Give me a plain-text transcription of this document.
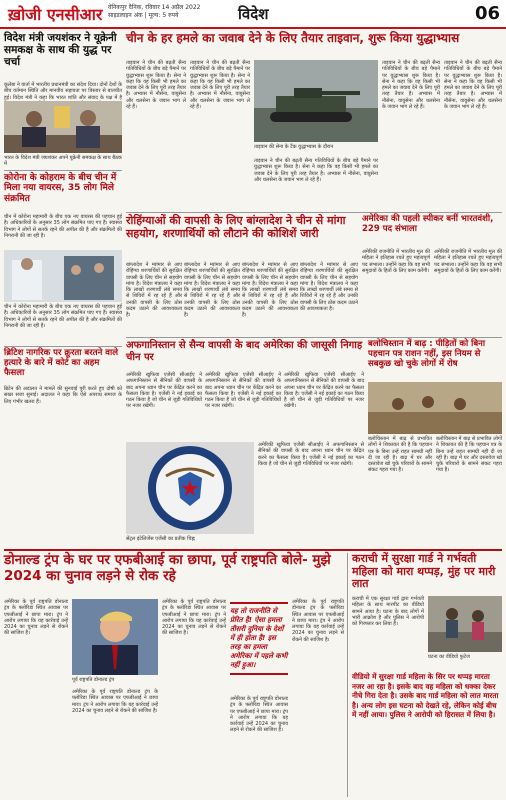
ख़ोजी एनसीआर वेनिकपुर दैनिक, रविवार 14 अप्रैल 2022
साइडलाइन अंक | मूल्य: 5 रुपये	विदेश	06
विदेश मंत्री जयशंकर ने यूक्रेनी समकक्ष के साथ की युद्ध पर चर्चा
कूलेबा ने वार्ता में भारतीय प्रधानमंत्री का संदेश दिया। दोनों देशों के बीच वर्तमान स्थिति और मानवीय सहायता पर विस्तार से बातचीत हुई। विदेश मंत्री ने कहा कि भारत शांति और संवाद के पक्ष में है
भारत के विदेश मंत्री जयशंकर अपने यूक्रेनी समकक्ष के साथ बैठक में
कोरोना के कोहराम के बीच चीन में मिला नया वायरस, 35 लोग मिले संक्रमित
चीन में कोरोना महामारी के बीच एक नए वायरस की पहचान हुई है। अधिकारियों के अनुसार 35 लोग संक्रमित पाए गए हैं। स्वास्थ्य विभाग ने लोगों से सतर्क रहने की अपील की है और संक्रमितों की निगरानी की जा रही है।
चीन में कोरोना महामारी के बीच एक नए वायरस की पहचान हुई है। अधिकारियों के अनुसार 35 लोग संक्रमित पाए गए हैं। स्वास्थ्य विभाग ने लोगों से सतर्क रहने की अपील की है और संक्रमितों की निगरानी की जा रही है।
ब्रिटिश नागरिक पर क्रूरता बरतने वाले हत्यारे के बारे में कोर्ट का अहम फैसला
ब्रिटेन की अदालत ने मामले की सुनवाई पूरी करते हुए दोषी को सख्त सजा सुनाई। अदालत ने कहा कि ऐसे अपराध समाज के लिए गंभीर खतरा हैं।
चीन के हर हमले का जवाब देने के लिए तैयार ताइवान, शुरू किया युद्धाभ्यास
ताइवान ने चीन की बढ़ती सैन्य गतिविधियों के बीच बड़े पैमाने पर युद्धाभ्यास शुरू किया है। सेना ने कहा कि वह किसी भी हमले का जवाब देने के लिए पूरी तरह तैयार है। अभ्यास में नौसेना, वायुसेना और थलसेना के जवान भाग ले रहे हैं।
ताइवान ने चीन की बढ़ती सैन्य गतिविधियों के बीच बड़े पैमाने पर युद्धाभ्यास शुरू किया है। सेना ने कहा कि वह किसी भी हमले का जवाब देने के लिए पूरी तरह तैयार है। अभ्यास में नौसेना, वायुसेना और थलसेना के जवान भाग ले रहे हैं।
ताइवान की सेना के टैंक युद्धाभ्यास के दौरान
ताइवान ने चीन की बढ़ती सैन्य गतिविधियों के बीच बड़े पैमाने पर युद्धाभ्यास शुरू किया है। सेना ने कहा कि वह किसी भी हमले का जवाब देने के लिए पूरी तरह तैयार है। अभ्यास में नौसेना, वायुसेना और थलसेना के जवान भाग ले रहे हैं।
ताइवान ने चीन की बढ़ती सैन्य गतिविधियों के बीच बड़े पैमाने पर युद्धाभ्यास शुरू किया है। सेना ने कहा कि वह किसी भी हमले का जवाब देने के लिए पूरी तरह तैयार है। अभ्यास में नौसेना, वायुसेना और थलसेना के जवान भाग ले रहे हैं।
ताइवान ने चीन की बढ़ती सैन्य गतिविधियों के बीच बड़े पैमाने पर युद्धाभ्यास शुरू किया है। सेना ने कहा कि वह किसी भी हमले का जवाब देने के लिए पूरी तरह तैयार है। अभ्यास में नौसेना, वायुसेना और थलसेना के जवान भाग ले रहे हैं।
रोहिंग्याओं की वापसी के लिए बांग्लादेश ने चीन से मांगा सहयोग, शरणार्थियों को लौटाने की कोशिशें जारी
बांग्लादेश ने म्यांमार से आए रोहिंग्या शरणार्थियों की सुरक्षित वापसी के लिए चीन से सहयोग मांगा है। विदेश मंत्रालय ने कहा कि लाखों शरणार्थी लंबे समय से शिविरों में रह रहे हैं और उनकी वापसी के लिए ठोस कदम उठाने की आवश्यकता है।
बांग्लादेश ने म्यांमार से आए रोहिंग्या शरणार्थियों की सुरक्षित वापसी के लिए चीन से सहयोग मांगा है। विदेश मंत्रालय ने कहा कि लाखों शरणार्थी लंबे समय से शिविरों में रह रहे हैं और उनकी वापसी के लिए ठोस कदम उठाने की आवश्यकता है।
बांग्लादेश ने म्यांमार से आए रोहिंग्या शरणार्थियों की सुरक्षित वापसी के लिए चीन से सहयोग मांगा है। विदेश मंत्रालय ने कहा कि लाखों शरणार्थी लंबे समय से शिविरों में रह रहे हैं और उनकी वापसी के लिए ठोस कदम उठाने की आवश्यकता है।
बांग्लादेश ने म्यांमार से आए रोहिंग्या शरणार्थियों की सुरक्षित वापसी के लिए चीन से सहयोग मांगा है। विदेश मंत्रालय ने कहा कि लाखों शरणार्थी लंबे समय से शिविरों में रह रहे हैं और उनकी वापसी के लिए ठोस कदम उठाने की आवश्यकता है।
अमेरिका की पहली स्पीकर बनीं भारतवंशी, 229 पद संभाला
अमेरिकी राजनीति में भारतीय मूल की महिला ने इतिहास रचते हुए महत्वपूर्ण पद संभाला। उन्होंने कहा कि वह सभी समुदायों के हितों के लिए काम करेंगी।
अमेरिकी राजनीति में भारतीय मूल की महिला ने इतिहास रचते हुए महत्वपूर्ण पद संभाला। उन्होंने कहा कि वह सभी समुदायों के हितों के लिए काम करेंगी।
अफगानिस्तान से सैन्य वापसी के बाद अमेरिका की जासूसी निगाह चीन पर
अमेरिकी खुफिया एजेंसी सीआईए ने अफगानिस्तान से सैनिकों की वापसी के बाद अपना ध्यान चीन पर केंद्रित करने का फैसला किया है। एजेंसी ने नई इकाई का गठन किया है जो चीन से जुड़ी गतिविधियों पर नजर रखेगी।
अमेरिकी खुफिया एजेंसी सीआईए ने अफगानिस्तान से सैनिकों की वापसी के बाद अपना ध्यान चीन पर केंद्रित करने का फैसला किया है। एजेंसी ने नई इकाई का गठन किया है जो चीन से जुड़ी गतिविधियों पर नजर रखेगी।
अमेरिकी खुफिया एजेंसी सीआईए ने अफगानिस्तान से सैनिकों की वापसी के बाद अपना ध्यान चीन पर केंद्रित करने का फैसला किया है। एजेंसी ने नई इकाई का गठन किया है जो चीन से जुड़ी गतिविधियों पर नजर रखेगी।
सेंट्रल इंटेलिजेंस एजेंसी का प्रतीक चिह्न
अमेरिकी खुफिया एजेंसी सीआईए ने अफगानिस्तान से सैनिकों की वापसी के बाद अपना ध्यान चीन पर केंद्रित करने का फैसला किया है। एजेंसी ने नई इकाई का गठन किया है जो चीन से जुड़ी गतिविधियों पर नजर रखेगी।
बलोचिस्तान में बाढ़ : पीड़ितों को बिना पहचान पत्र राशन नहीं, इस नियम से सबकुछ खो चुके लोगों में रोष
बलोचिस्तान में बाढ़ से प्रभावित लोगों ने शिकायत की है कि पहचान पत्र के बिना उन्हें राहत सामग्री नहीं दी जा रही है। बाढ़ में घर और दस्तावेज खो चुके परिवारों के सामने संकट गहरा गया है।
बलोचिस्तान में बाढ़ से प्रभावित लोगों ने शिकायत की है कि पहचान पत्र के बिना उन्हें राहत सामग्री नहीं दी जा रही है। बाढ़ में घर और दस्तावेज खो चुके परिवारों के सामने संकट गहरा गया है।
डोनाल्ड ट्रंप के घर पर एफबीआई का छापा, पूर्व राष्ट्रपति बोले- मुझे 2024 का चुनाव लड़ने से रोक रहे
अमेरिका के पूर्व राष्ट्रपति डोनाल्ड ट्रंप के फ्लोरिडा स्थित आवास पर एफबीआई ने छापा मारा। ट्रंप ने आरोप लगाया कि यह कार्रवाई उन्हें 2024 का चुनाव लड़ने से रोकने की साजिश है।
पूर्व राष्ट्रपति डोनाल्ड ट्रंप
अमेरिका के पूर्व राष्ट्रपति डोनाल्ड ट्रंप के फ्लोरिडा स्थित आवास पर एफबीआई ने छापा मारा। ट्रंप ने आरोप लगाया कि यह कार्रवाई उन्हें 2024 का चुनाव लड़ने से रोकने की साजिश है।
अमेरिका के पूर्व राष्ट्रपति डोनाल्ड ट्रंप के फ्लोरिडा स्थित आवास पर एफबीआई ने छापा मारा। ट्रंप ने आरोप लगाया कि यह कार्रवाई उन्हें 2024 का चुनाव लड़ने से रोकने की साजिश है।
यह तो राजनीति से प्रेरित है! ऐसा हमला तीसरी दुनिया के देशों में ही होता है! इस तरह का हमला अमेरिका में पहले कभी नहीं हुआ।
अमेरिका के पूर्व राष्ट्रपति डोनाल्ड ट्रंप के फ्लोरिडा स्थित आवास पर एफबीआई ने छापा मारा। ट्रंप ने आरोप लगाया कि यह कार्रवाई उन्हें 2024 का चुनाव लड़ने से रोकने की साजिश है।
अमेरिका के पूर्व राष्ट्रपति डोनाल्ड ट्रंप के फ्लोरिडा स्थित आवास पर एफबीआई ने छापा मारा। ट्रंप ने आरोप लगाया कि यह कार्रवाई उन्हें 2024 का चुनाव लड़ने से रोकने की साजिश है।
कराची में सुरक्षा गार्ड ने गर्भवती महिला को मारा थप्पड़, मुंह पर मारी लात
कराची में एक सुरक्षा गार्ड द्वारा गर्भवती महिला के साथ मारपीट का वीडियो सामने आया है। घटना के बाद लोगों में भारी आक्रोश है और पुलिस ने आरोपी को गिरफ्तार कर लिया है।
घटना का वीडियो फुटेज
वीडियो में सुरक्षा गार्ड महिला के सिर पर थप्पड़ मारता नजर आ रहा है। इसके बाद वह महिला को धक्का देकर नीचे गिरा देता है। उसके बाद गार्ड महिला को लात मारता है। अन्य लोग इस घटना को देखते रहे, लेकिन कोई बीच में नहीं आया। पुलिस ने आरोपी को हिरासत में लिया है।
